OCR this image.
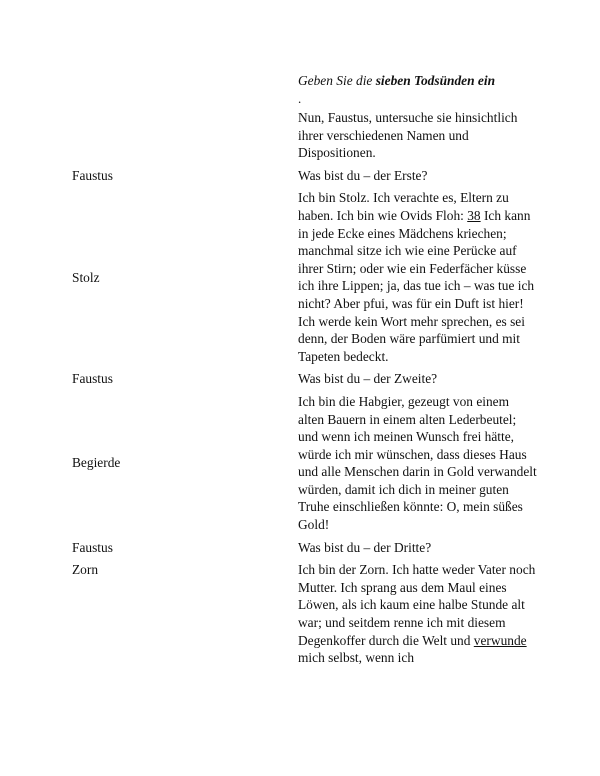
Geben Sie die sieben Todsünden ein
.
	Nun, Faustus, untersuche sie hinsichtlich ihrer verschiedenen Namen und Dispositionen.
Faustus	Was bist du – der Erste?
Stolz	Ich bin Stolz. Ich verachte es, Eltern zu haben. Ich bin wie Ovids Floh: 38 Ich kann in jede Ecke eines Mädchens kriechen; manchmal sitze ich wie eine Perücke auf ihrer Stirn; oder wie ein Federfächer küsse ich ihre Lippen; ja, das tue ich – was tue ich nicht? Aber pfui, was für ein Duft ist hier! Ich werde kein Wort mehr sprechen, es sei denn, der Boden wäre parfümiert und mit Tapeten bedeckt.
Faustus	Was bist du – der Zweite?
Begierde	Ich bin die Habgier, gezeugt von einem alten Bauern in einem alten Lederbeutel; und wenn ich meinen Wunsch frei hätte, würde ich mir wünschen, dass dieses Haus und alle Menschen darin in Gold verwandelt würden, damit ich dich in meiner guten Truhe einschließen könnte: O, mein süßes Gold!
Faustus	Was bist du – der Dritte?
Zorn	Ich bin der Zorn. Ich hatte weder Vater noch Mutter. Ich sprang aus dem Maul eines Löwen, als ich kaum eine halbe Stunde alt war; und seitdem renne ich mit diesem Degenkoffer durch die Welt und verwunde mich selbst, wenn ich
